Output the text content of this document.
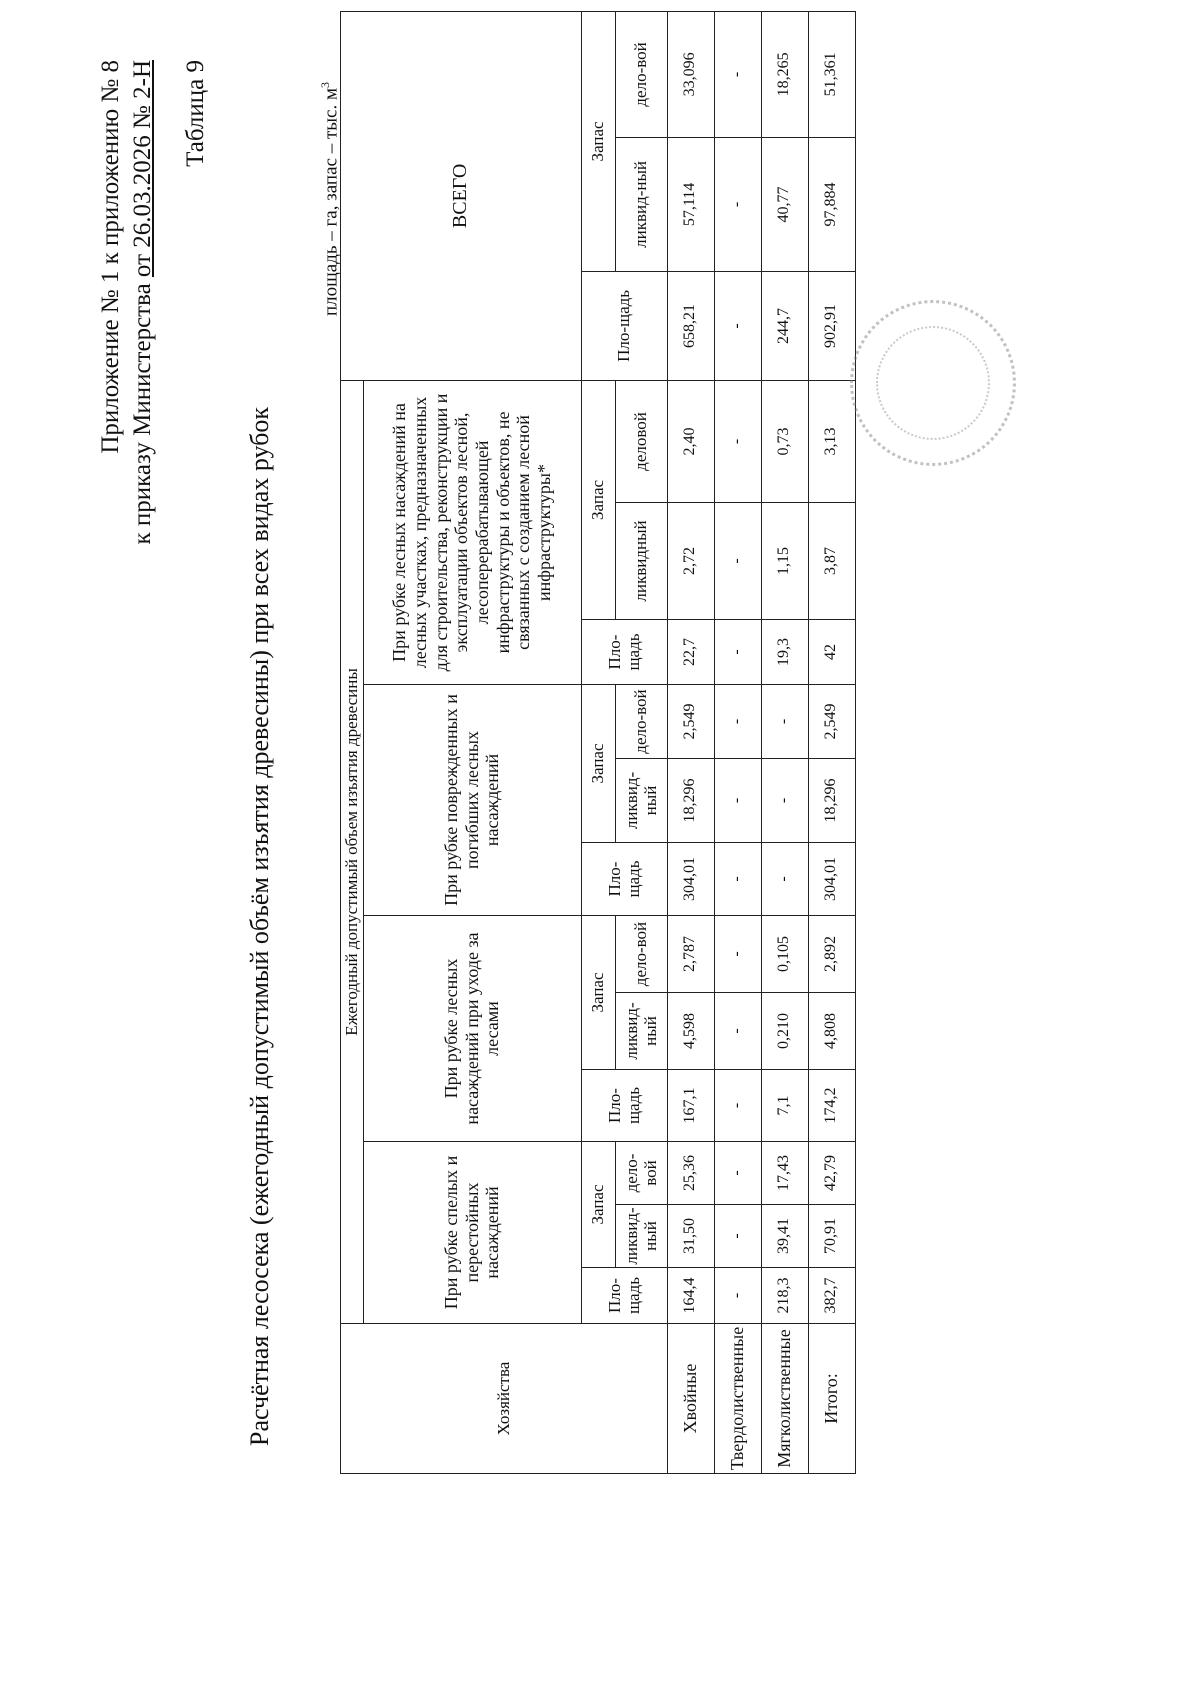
Приложение № 1 к приложению № 8 к приказу Министерства от 26.03.2026 № 2-Н Таблица 9
Расчётная лесосека (ежегодный допустимый объём изъятия древесины) при всех видах рубок
площадь – га, запас – тыс. $м^3$
Хозяйства	Ежегодный допустимый объем изъятия древесины												ВСЕГО		
	При рубке спелых и перестойных насаждений			При рубке лесных насаждений при уходе за лесами			При рубке поврежденных и погибших лесных насаждений			При рубке лесных насаждений на лесных участках, предназначенных для строительства, реконструкции и эксплуатации объектов лесной, лесоперерабатывающей инфраструктуры и объектов, не связанных с созданием лесной инфраструктуры*					
	Пло-щадь	Запас		Пло-щадь	Запас		Пло-щадь	Запас		Пло-щадь	Запас		Пло-щадь	Запас	
		ликвид-ный	дело-вой		ликвид-ный	дело-вой		ликвид-ный	дело-вой		ликвидный	деловой		ликвид-ный	дело-вой

Хвойные	164,4	31,50	25,36	167,1	4,598	2,787	304,01	18,296	2,549	22,7	2,72	2,40	658,21	57,114	33,096
Твердолиственные	-	-	-	-	-	-	-	-	-	-	-	-	-	-	-
Мягколиственные	218,3	39,41	17,43	7,1	0,210	0,105	-	-	-	19,3	1,15	0,73	244,7	40,77	18,265
Итого:	382,7	70,91	42,79	174,2	4,808	2,892	304,01	18,296	2,549	42	3,87	3,13	902,91	97,884	51,361
